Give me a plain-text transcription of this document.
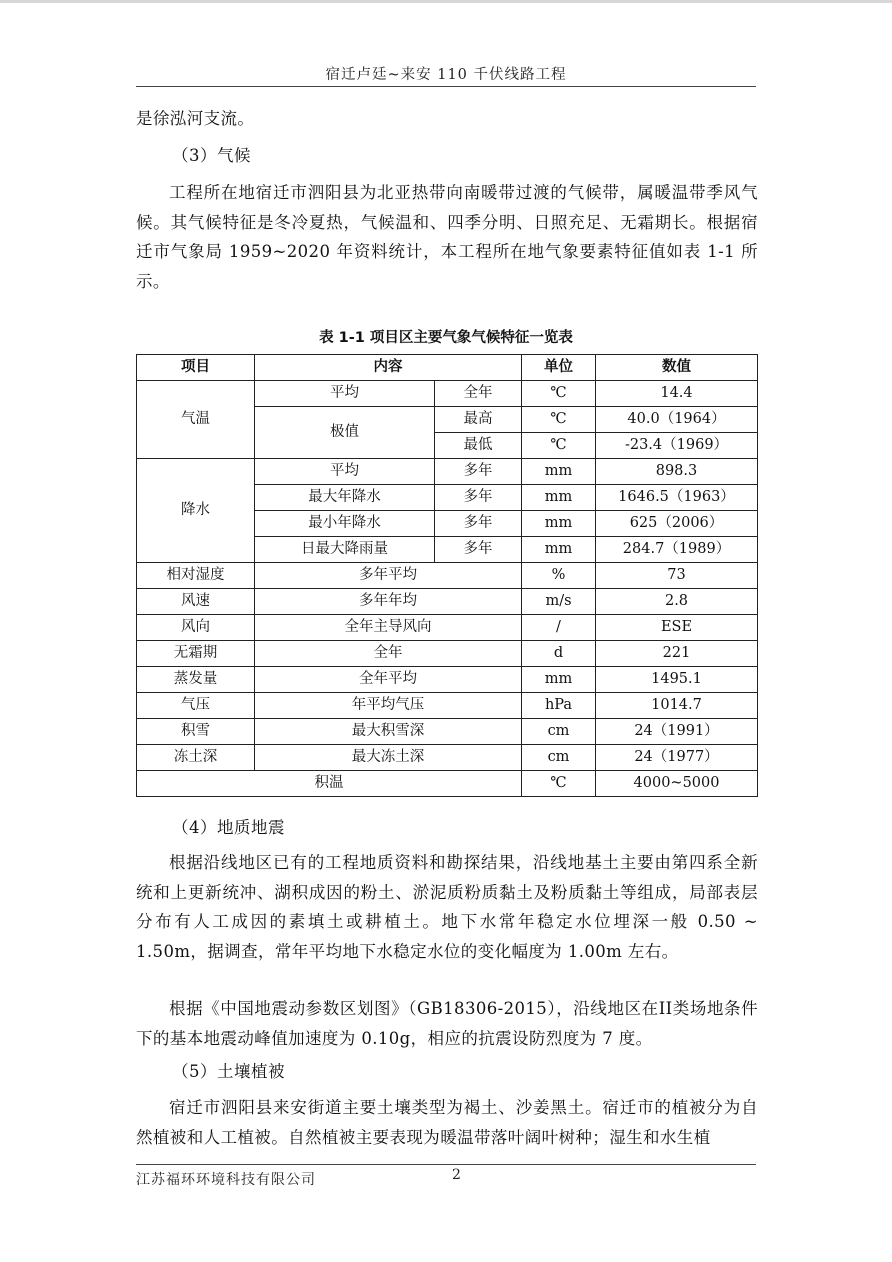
宿迁卢廷~来安 110 千伏线路工程

是徐泓河支流。

（3）气候

工程所在地宿迁市泗阳县为北亚热带向南暖带过渡的气候带，属暖温带季风气候。其气候特征是冬冷夏热，气候温和、四季分明、日照充足、无霜期长。根据宿迁市气象局 1959~2020 年资料统计，本工程所在地气象要素特征值如表 1-1 所示。

表 1-1 项目区主要气象气候特征一览表
项目	内容		单位	数值
气温	平均	全年	℃	14.4
	极值	最高	℃	40.0（1964）
		最低	℃	-23.4（1969）
降水	平均	多年	mm	898.3
	最大年降水	多年	mm	1646.5（1963）
	最小年降水	多年	mm	625（2006）
	日最大降雨量	多年	mm	284.7（1989）
相对湿度	多年平均		%	73
风速	多年年均		m/s	2.8
风向	全年主导风向		/	ESE
无霜期	全年		d	221
蒸发量	全年平均		mm	1495.1
气压	年平均气压		hPa	1014.7
积雪	最大积雪深		cm	24（1991）
冻土深	最大冻土深		cm	24（1977）
积温			℃	4000~5000

（4）地质地震

根据沿线地区已有的工程地质资料和勘探结果，沿线地基土主要由第四系全新统和上更新统冲、湖积成因的粉土、淤泥质粉质黏土及粉质黏土等组成，局部表层分布有人工成因的素填土或耕植土。地下水常年稳定水位埋深一般 0.50 ~ 1.50m，据调查，常年平均地下水稳定水位的变化幅度为 1.00m 左右。

根据《中国地震动参数区划图》（GB18306-2015），沿线地区在II类场地条件下的基本地震动峰值加速度为 0.10g，相应的抗震设防烈度为 7 度。

（5）土壤植被

宿迁市泗阳县来安街道主要土壤类型为褐土、沙姜黑土。宿迁市的植被分为自然植被和人工植被。自然植被主要表现为暖温带落叶阔叶树种；湿生和水生植

江苏福环环境科技有限公司	2
